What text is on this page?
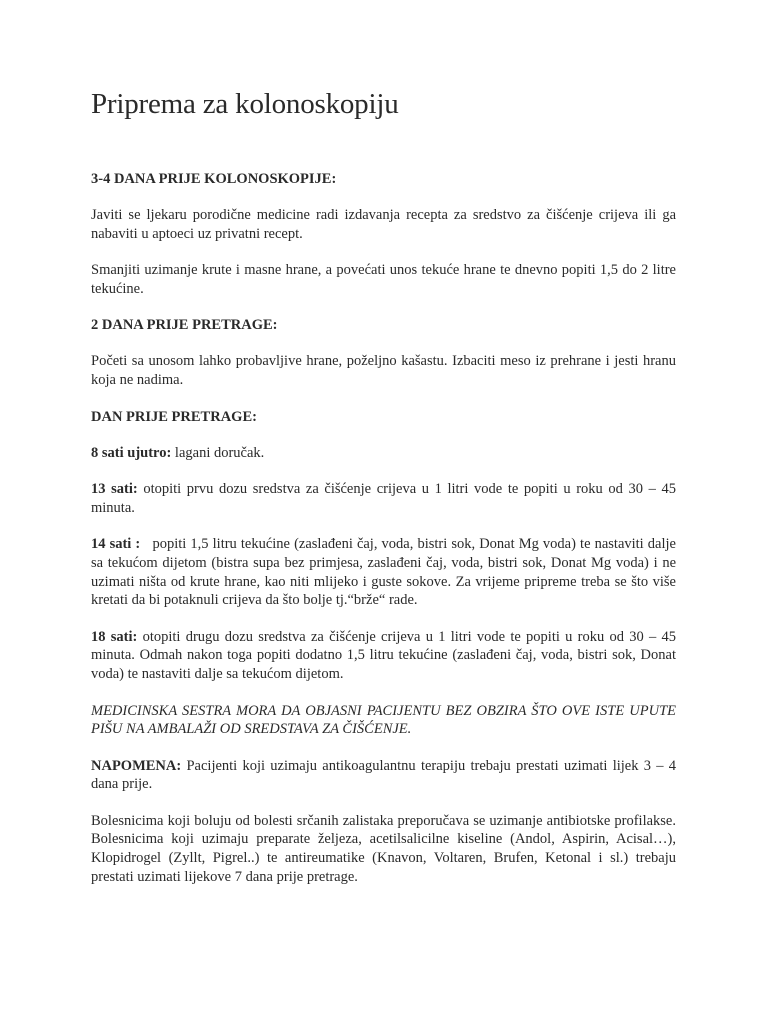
Priprema za kolonoskopiju
3-4 DANA PRIJE KOLONOSKOPIJE:

Javiti se ljekaru porodične medicine radi izdavanja recepta za sredstvo za čišćenje crijeva ili ga nabaviti u aptoeci uz privatni recept.

Smanjiti uzimanje krute i masne hrane, a povećati unos tekuće hrane te dnevno popiti 1,5 do 2 litre tekućine.

2 DANA PRIJE PRETRAGE:

Početi sa unosom lahko probavljive hrane, poželjno kašastu. Izbaciti meso iz prehrane i jesti hranu koja ne nadima.

DAN PRIJE PRETRAGE:

8 sati ujutro: lagani doručak.

13 sati: otopiti prvu dozu sredstva za čišćenje crijeva u 1 litri vode te popiti u roku od 30 – 45 minuta.

14 sati :   popiti 1,5 litru tekućine (zaslađeni čaj, voda, bistri sok, Donat Mg voda) te nastaviti dalje sa tekućom dijetom (bistra supa bez primjesa, zaslađeni čaj, voda, bistri sok, Donat Mg voda) i ne uzimati ništa od krute hrane, kao niti mlijeko i guste sokove. Za vrijeme pripreme treba se što više kretati da bi potaknuli crijeva da što bolje tj.“brže“ rade.

18 sati: otopiti drugu dozu sredstva za čišćenje crijeva u 1 litri vode te popiti u roku od 30 – 45 minuta. Odmah nakon toga popiti dodatno 1,5 litru tekućine (zaslađeni čaj, voda, bistri sok, Donat voda) te nastaviti dalje sa tekućom dijetom.

MEDICINSKA SESTRA MORA DA OBJASNI PACIJENTU BEZ OBZIRA ŠTO OVE ISTE UPUTE PIŠU NA AMBALAŽI OD SREDSTAVA ZA ČIŠĆENJE.

NAPOMENA: Pacijenti koji uzimaju antikoagulantnu terapiju trebaju prestati uzimati lijek 3 – 4 dana prije.

Bolesnicima koji boluju od bolesti srčanih zalistaka preporučava se uzimanje antibiotske profilakse. Bolesnicima koji uzimaju preparate željeza, acetilsalicilne kiseline (Andol, Aspirin, Acisal…), Klopidrogel (Zyllt, Pigrel..) te antireumatike (Knavon, Voltaren, Brufen, Ketonal i sl.) trebaju prestati uzimati lijekove 7 dana prije pretrage.
